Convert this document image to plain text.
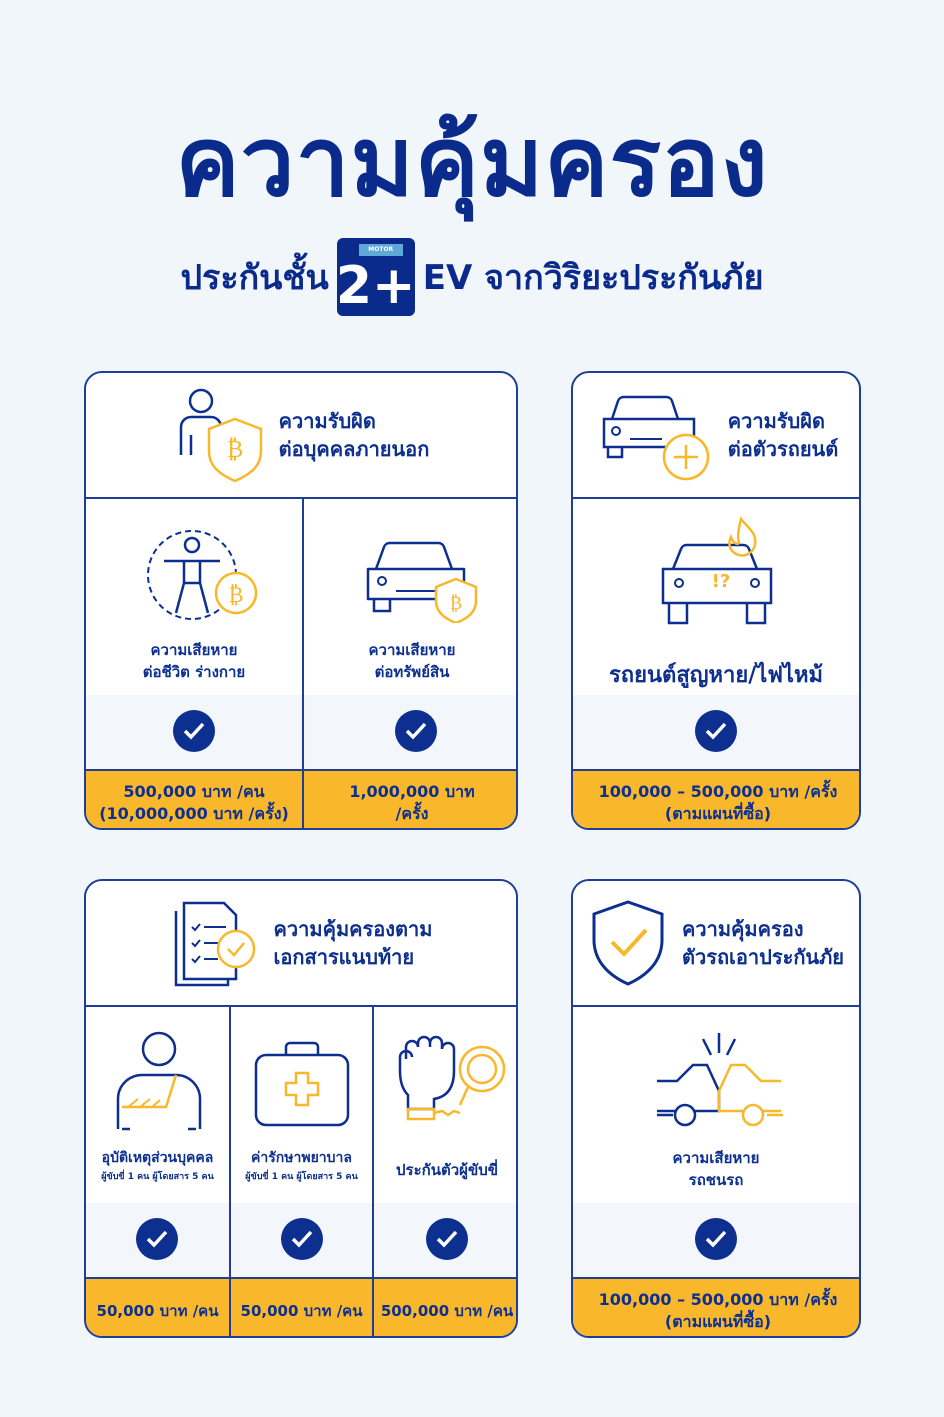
ความคุ้มครอง
ประกันชั้น
MOTOR
2+ EV จากวิริยะประกันภัย
₿
ความรับผิด
ต่อบุคคลภายนอก
₿
ความเสียหาย
ต่อชีวิต ร่างกาย
500,000 บาท /คน
(10,000,000 บาท /ครั้ง)
₿
ความเสียหาย
ต่อทรัพย์สิน
1,000,000 บาท
/ครั้ง
ความรับผิด
ต่อตัวรถยนต์
!?
รถยนต์สูญหาย/ไฟไหม้
100,000 – 500,000 บาท /ครั้ง
(ตามแผนที่ซื้อ)
ความคุ้มครองตาม
เอกสารแนบท้าย
อุบัติเหตุส่วนบุคคล
ผู้ขับขี่ 1 คน ผู้โดยสาร 5 คน
50,000 บาท /คน
ค่ารักษาพยาบาล
ผู้ขับขี่ 1 คน ผู้โดยสาร 5 คน
50,000 บาท /คน
ประกันตัวผู้ขับขี่
500,000 บาท /คน
ความคุ้มครอง
ตัวรถเอาประกันภัย
ความเสียหาย
รถชนรถ
100,000 – 500,000 บาท /ครั้ง
(ตามแผนที่ซื้อ)
